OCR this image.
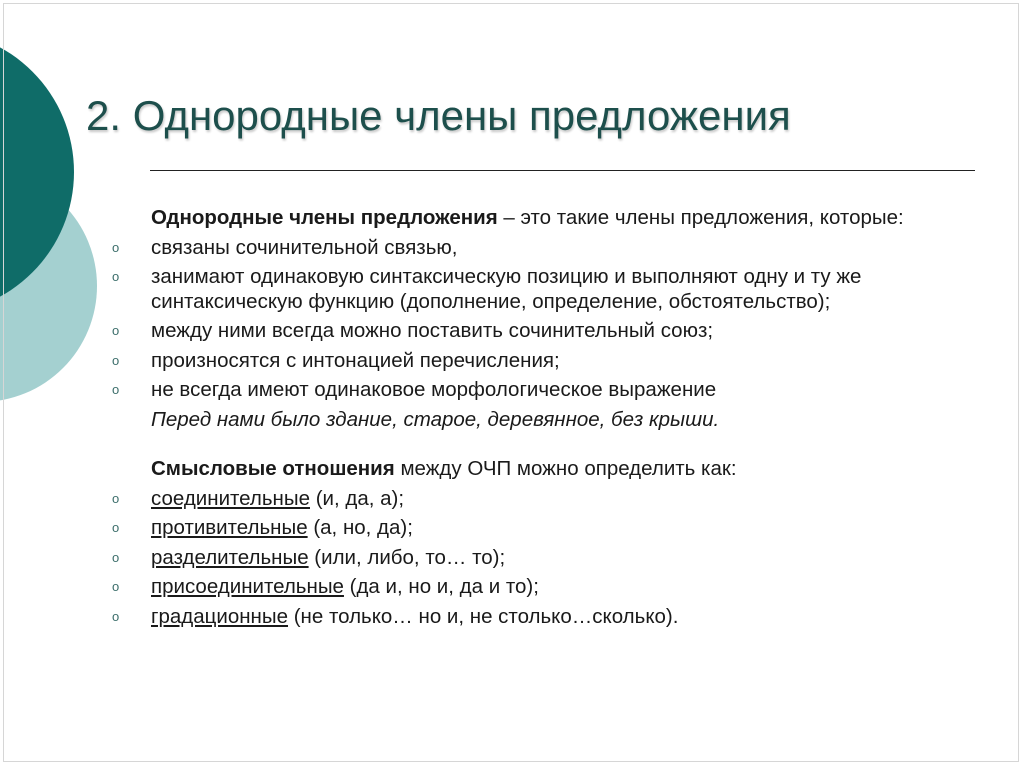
2. Однородные члены предложения
Однородные члены предложения – это такие члены предложения, которые:
o	связаны сочинительной связью,
o	занимают одинаковую синтаксическую позицию и выполняют одну и ту же синтаксическую функцию (дополнение, определение, обстоятельство);
o	между ними всегда можно поставить сочинительный союз;
o	произносятся с интонацией перечисления;
o	не всегда имеют одинаковое морфологическое выражение
Перед нами было здание, старое, деревянное, без крыши.
Смысловые отношения между ОЧП можно определить как:
o	соединительные (и, да, а);
o	противительные (а, но, да);
o	разделительные (или, либо, то… то);
o	присоединительные (да и, но и, да и то);
o	градационные (не только… но и, не столько…сколько).
